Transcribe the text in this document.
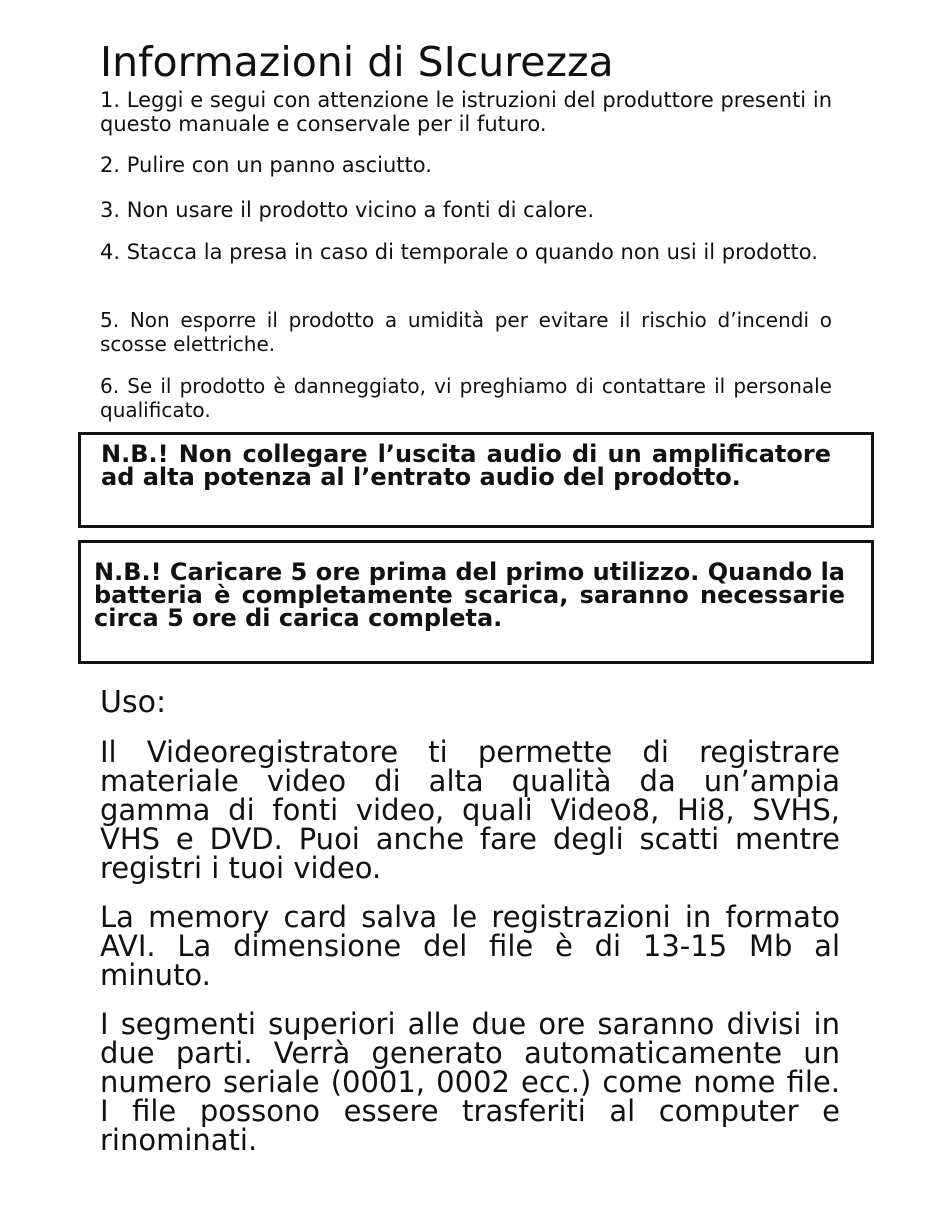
Informazioni di SIcurezza

1. Leggi e segui con attenzione le istruzioni del produttore presenti in questo manuale e conservale per il futuro.

2. Pulire con un panno asciutto.

3. Non usare il prodotto vicino a fonti di calore.

4. Stacca la presa in caso di temporale o quando non usi il prodotto.

5. Non esporre il prodotto a umidità per evitare il rischio d’incendi o scosse elettriche.

6. Se il prodotto è danneggiato, vi preghiamo di contattare il personale qualificato.

N.B.! Non collegare l’uscita audio di un amplificatore ad alta potenza al l’entrato audio del prodotto.

N.B.! Caricare 5 ore prima del primo utilizzo. Quando la batteria è completamente scarica, saranno necessarie circa 5 ore di carica completa.

Uso:

Il Videoregistratore ti permette di registrare materiale video di alta qualità da un’ampia gamma di fonti video, quali Video8, Hi8, SVHS, VHS e DVD. Puoi anche fare degli scatti mentre registri i tuoi video.

La memory card salva le registrazioni in formato AVI. La dimensione del file è di 13-15 Mb al minuto.

I segmenti superiori alle due ore saranno divisi in due parti. Verrà generato automaticamente un numero seriale (0001, 0002 ecc.) come nome file. I file possono essere trasferiti al computer e rinominati.
